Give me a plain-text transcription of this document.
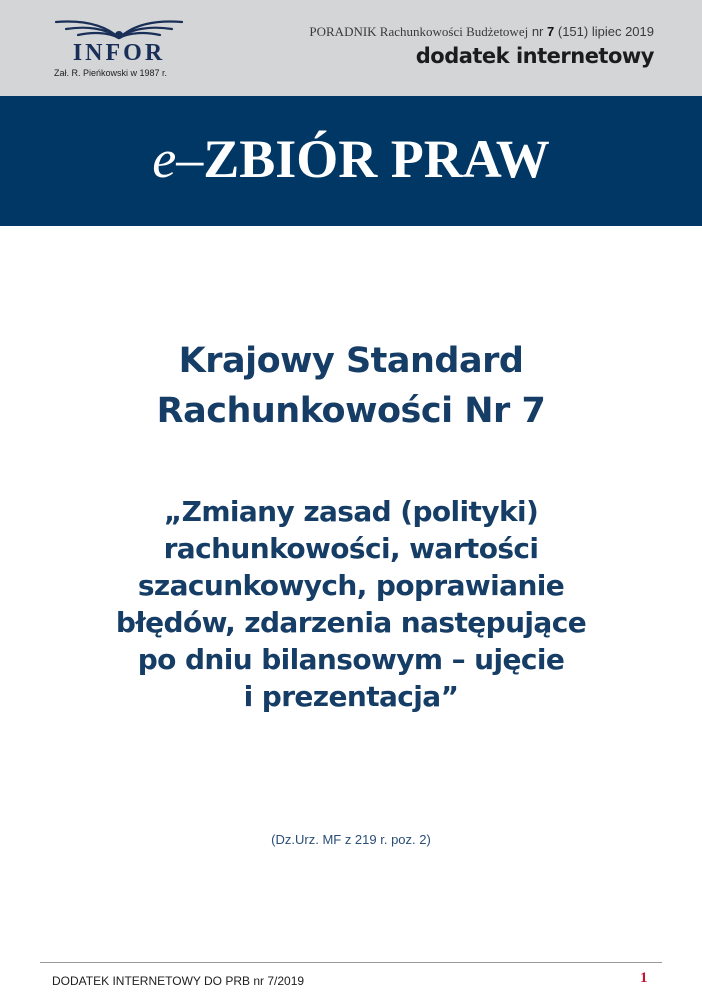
INFOR
Zał. R. Pieńkowski w 1987 r.
PORADNIK Rachunkowości Budżetowej nr 7 (151) lipiec 2019
dodatek internetowy
e–ZBIÓR PRAW
Krajowy Standard
Rachunkowości Nr 7
„Zmiany zasad (polityki)
rachunkowości, wartości
szacunkowych, poprawianie
błędów, zdarzenia następujące
po dniu bilansowym – ujęcie
i prezentacja”
(Dz.Urz. MF z 219 r. poz. 2)
DODATEK INTERNETOWY DO PRB nr 7/2019	1
